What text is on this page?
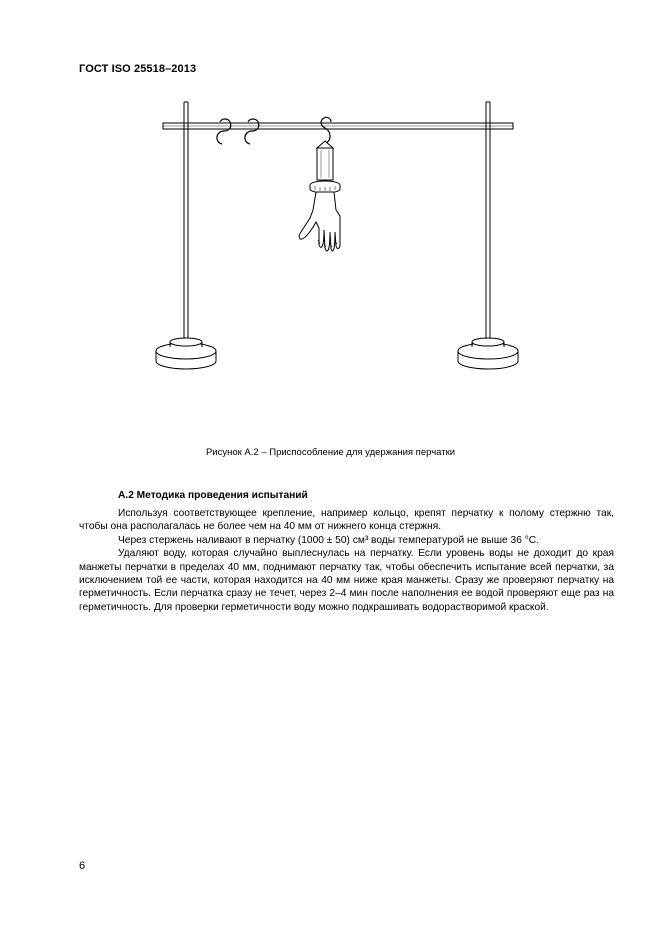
ГОСТ ISO 25518–2013
Рисунок А.2 – Приспособление для удержания перчатки
А.2 Методика проведения испытаний

Используя соответствующее крепление, например кольцо, крепят перчатку к полому стержню так, чтобы она располагалась не более чем на 40 мм от нижнего конца стержня.

Через стержень наливают в перчатку (1000 ± 50) см³ воды температурой не выше 36 °С.

Удаляют воду, которая случайно выплеснулась на перчатку. Если уровень воды не доходит до края манжеты перчатки в пределах 40 мм, поднимают перчатку так, чтобы обеспечить испытание всей перчатки, за исключением той ее части, которая находится на 40 мм ниже края манжеты. Сразу же проверяют перчатку на герметичность. Если перчатка сразу не течет, через 2–4 мин после наполнения ее водой проверяют еще раз на герметичность. Для проверки герметичности воду можно подкрашивать водорастворимой краской.

6
